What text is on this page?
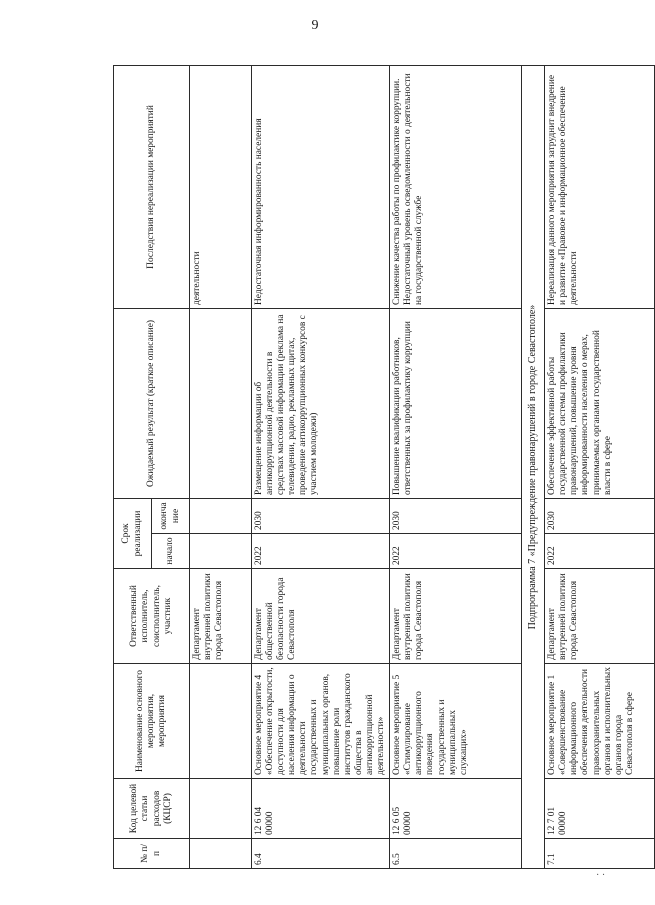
9
№ п/п	Код целевой статьи расходов (КЦСР)	Наименование основного мероприятия, мероприятия	Ответственный исполнитель, соисполнитель, участник	Срок реализации		Ожидаемый результат (краткое описание)	Последствия нереализации мероприятий
				начало	окончание		
			Департамент внутренней политики города Севастополя				деятельности
6.4	12 6 04 00000	Основное мероприятие 4 «Обеспечение открытости, доступности для населения информации о деятельности государственных и муниципальных органов, повышение роли институтов гражданского общества в антикоррупционной деятельности»	Департамент общественной безопасности города Севастополя	2022	2030	Размещение информации об антикоррупционной деятельности в средствах массовой информации (реклама на телевидении, радио, рекламных щитах, проведение антикоррупционных конкурсов с участием молодежи)	Недостаточная информированность населения
6.5	12 6 05 00000	Основное мероприятие 5 «Стимулирование антикоррупционного поведения государственных и муниципальных служащих»	Департамент внутренней политики города Севастополя	2022	2030	Повышение квалификации работников, ответственных за профилактику коррупции	Снижение качества работы по профилактике коррупции. Недостаточный уровень осведомленности о деятельности на государственной службе
Подпрограмма 7 «Предупреждение правонарушений в городе Севастополе»							
7.1	12 7 01 00000	Основное мероприятие 1 «Совершенствование информационного обеспечения деятельности правоохранительных органов и исполнительных органов города Севастополя в сфере	Департамент внутренней политики города Севастополя	2022	2030	Обеспечение эффективной работы государственной системы профилактики правонарушений, повышение уровня информированности населения о мерах, принимаемых органами государственной власти в сфере	Нереализация данного мероприятия затруднит внедрение и развитие «Правовое и информационное обеспечение деятельности
· ·
